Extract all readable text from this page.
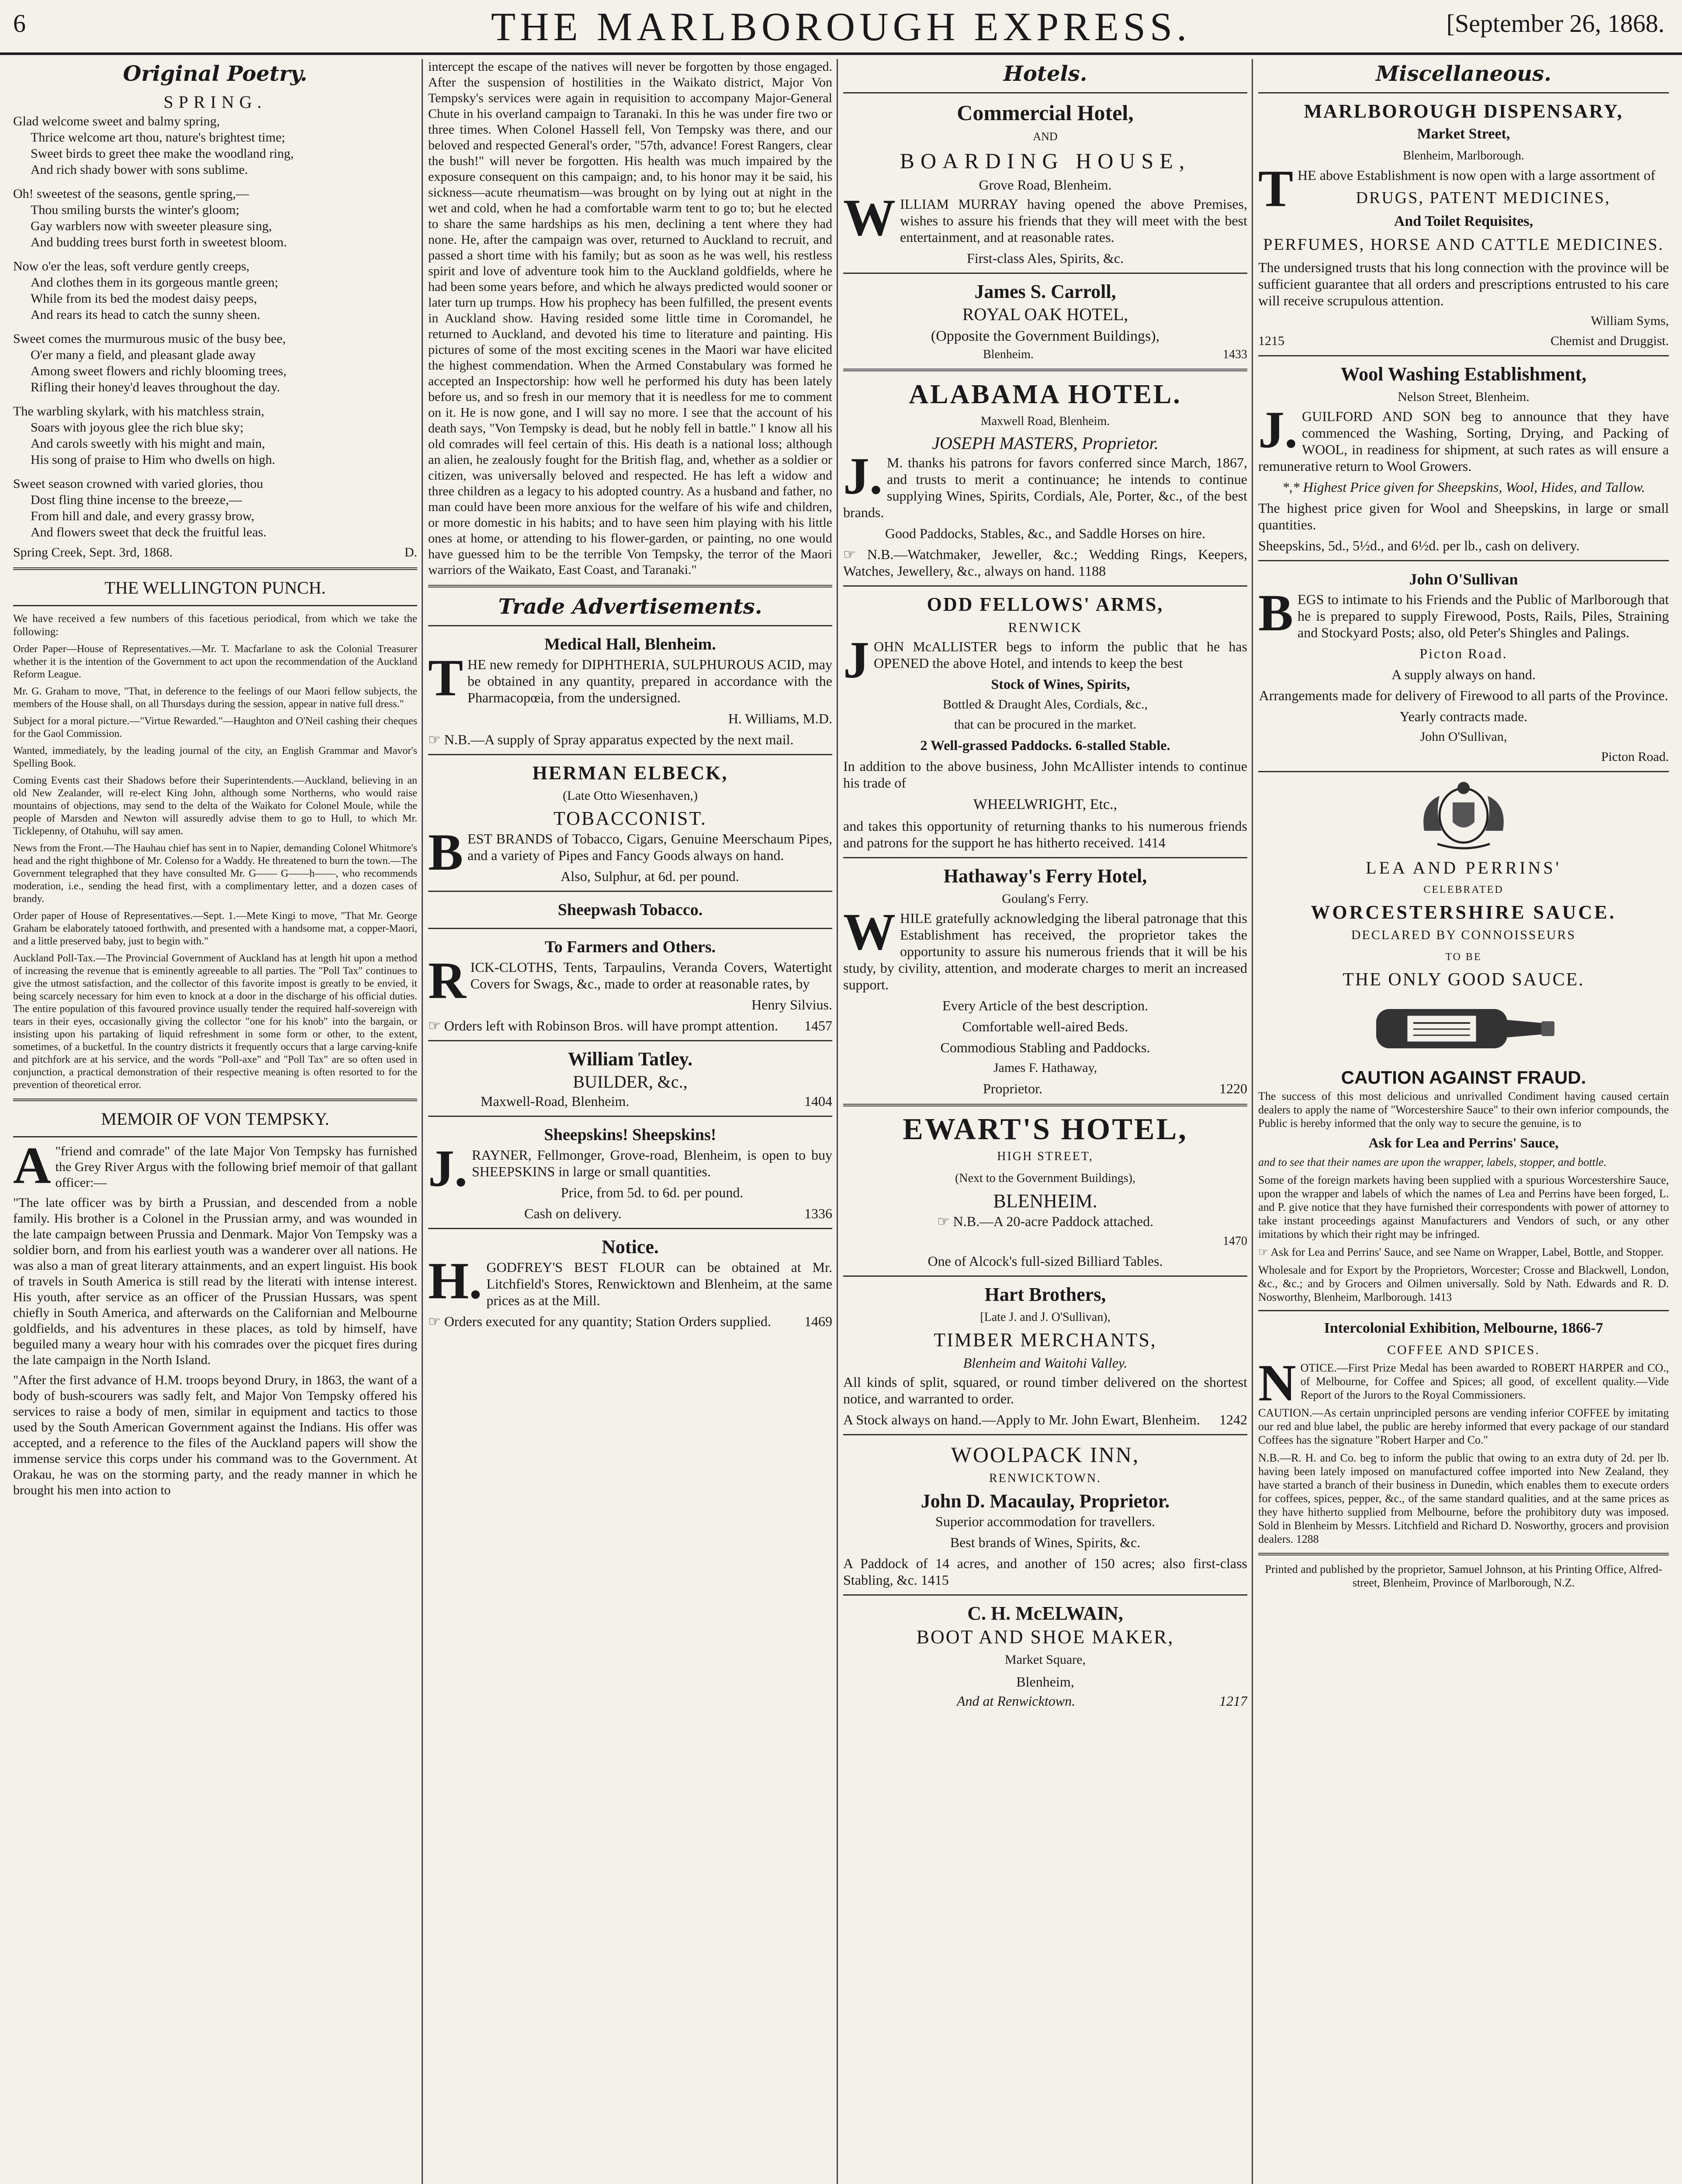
6	THE MARLBOROUGH EXPRESS.	[September 26, 1868.
Original Poetry.
SPRING.

Glad welcome sweet and balmy spring,

Thrice welcome art thou, nature's brightest time;

Sweet birds to greet thee make the woodland ring,

And rich shady bower with sons sublime.

Oh! sweetest of the seasons, gentle spring,—

Thou smiling bursts the winter's gloom;

Gay warblers now with sweeter pleasure sing,

And budding trees burst forth in sweetest bloom.

Now o'er the leas, soft verdure gently creeps,

And clothes them in its gorgeous mantle green;

While from its bed the modest daisy peeps,

And rears its head to catch the sunny sheen.

Sweet comes the murmurous music of the busy bee,

O'er many a field, and pleasant glade away

Among sweet flowers and richly blooming trees,

Rifling their honey'd leaves throughout the day.

The warbling skylark, with his matchless strain,

Soars with joyous glee the rich blue sky;

And carols sweetly with his might and main,

His song of praise to Him who dwells on high.

Sweet season crowned with varied glories, thou

Dost fling thine incense to the breeze,—

From hill and dale, and every grassy brow,

And flowers sweet that deck the fruitful leas.

Spring Creek, Sept. 3rd, 1868.	D.
THE WELLINGTON PUNCH.

We have received a few numbers of this facetious periodical, from which we take the following:

Order Paper—House of Representatives.—Mr. T. Macfarlane to ask the Colonial Treasurer whether it is the intention of the Government to act upon the recommendation of the Auckland Reform League.

Mr. G. Graham to move, "That, in deference to the feelings of our Maori fellow subjects, the members of the House shall, on all Thursdays during the session, appear in native full dress."

Subject for a moral picture.—"Virtue Rewarded."—Haughton and O'Neil cashing their cheques for the Gaol Commission.

Wanted, immediately, by the leading journal of the city, an English Grammar and Mavor's Spelling Book.

Coming Events cast their Shadows before their Superintendents.—Auckland, believing in an old New Zealander, will re-elect King John, although some Northerns, who would raise mountains of objections, may send to the delta of the Waikato for Colonel Moule, while the people of Marsden and Newton will assuredly advise them to go to Hull, to which Mr. Ticklepenny, of Otahuhu, will say amen.

News from the Front.—The Hauhau chief has sent in to Napier, demanding Colonel Whitmore's head and the right thighbone of Mr. Colenso for a Waddy. He threatened to burn the town.—The Government telegraphed that they have consulted Mr. G—— G——h——, who recommends moderation, i.e., sending the head first, with a complimentary letter, and a dozen cases of brandy.

Order paper of House of Representatives.—Sept. 1.—Mete Kingi to move, "That Mr. George Graham be elaborately tatooed forthwith, and presented with a handsome mat, a copper-Maori, and a little preserved baby, just to begin with."

Auckland Poll-Tax.—The Provincial Government of Auckland has at length hit upon a method of increasing the revenue that is eminently agreeable to all parties. The "Poll Tax" continues to give the utmost satisfaction, and the collector of this favorite impost is greatly to be envied, it being scarcely necessary for him even to knock at a door in the discharge of his official duties. The entire population of this favoured province usually tender the required half-sovereign with tears in their eyes, occasionally giving the collector "one for his knob" into the bargain, or insisting upon his partaking of liquid refreshment in some form or other, to the extent, sometimes, of a bucketful. In the country districts it frequently occurs that a large carving-knife and pitchfork are at his service, and the words "Poll-axe" and "Poll Tax" are so often used in conjunction, a practical demonstration of their respective meaning is often resorted to for the prevention of theoretical error.

MEMOIR OF VON TEMPSKY.

A"friend and comrade" of the late Major Von Tempsky has furnished the Grey River Argus with the following brief memoir of that gallant officer:—

"The late officer was by birth a Prussian, and descended from a noble family. His brother is a Colonel in the Prussian army, and was wounded in the late campaign between Prussia and Denmark. Major Von Tempsky was a soldier born, and from his earliest youth was a wanderer over all nations. He was also a man of great literary attainments, and an expert linguist. His book of travels in South America is still read by the literati with intense interest. His youth, after service as an officer of the Prussian Hussars, was spent chiefly in South America, and afterwards on the Californian and Melbourne goldfields, and his adventures in these places, as told by himself, have beguiled many a weary hour with his comrades over the picquet fires during the late campaign in the North Island.

"After the first advance of H.M. troops beyond Drury, in 1863, the want of a body of bush-scourers was sadly felt, and Major Von Tempsky offered his services to raise a body of men, similar in equipment and tactics to those used by the South American Government against the Indians. His offer was accepted, and a reference to the files of the Auckland papers will show the immense service this corps under his command was to the Government. At Orakau, he was on the storming party, and the ready manner in which he brought his men into action to

intercept the escape of the natives will never be forgotten by those engaged. After the suspension of hostilities in the Waikato district, Major Von Tempsky's services were again in requisition to accompany Major-General Chute in his overland campaign to Taranaki. In this he was under fire two or three times. When Colonel Hassell fell, Von Tempsky was there, and our beloved and respected General's order, "57th, advance! Forest Rangers, clear the bush!" will never be forgotten. His health was much impaired by the exposure consequent on this campaign; and, to his honor may it be said, his sickness—acute rheumatism—was brought on by lying out at night in the wet and cold, when he had a comfortable warm tent to go to; but he elected to share the same hardships as his men, declining a tent where they had none. He, after the campaign was over, returned to Auckland to recruit, and passed a short time with his family; but as soon as he was well, his restless spirit and love of adventure took him to the Auckland goldfields, where he had been some years before, and which he always predicted would sooner or later turn up trumps. How his prophecy has been fulfilled, the present events in Auckland show. Having resided some little time in Coromandel, he returned to Auckland, and devoted his time to literature and painting. His pictures of some of the most exciting scenes in the Maori war have elicited the highest commendation. When the Armed Constabulary was formed he accepted an Inspectorship: how well he performed his duty has been lately before us, and so fresh in our memory that it is needless for me to comment on it. He is now gone, and I will say no more. I see that the account of his death says, "Von Tempsky is dead, but he nobly fell in battle." I know all his old comrades will feel certain of this. His death is a national loss; although an alien, he zealously fought for the British flag, and, whether as a soldier or citizen, was universally beloved and respected. He has left a widow and three children as a legacy to his adopted country. As a husband and father, no man could have been more anxious for the welfare of his wife and children, or more domestic in his habits; and to have seen him playing with his little ones at home, or attending to his flower-garden, or painting, no one would have guessed him to be the terrible Von Tempsky, the terror of the Maori warriors of the Waikato, East Coast, and Taranaki."

Trade Advertisements.
Medical Hall, Blenheim.

THE new remedy for DIPHTHERIA, SULPHUROUS ACID, may be obtained in any quantity, prepared in accordance with the Pharmacopœia, from the undersigned.

H. Williams, M.D.

☞ N.B.—A supply of Spray apparatus expected by the next mail.

HERMAN ELBECK,
(Late Otto Wiesenhaven,)
TOBACCONIST.

BEST BRANDS of Tobacco, Cigars, Genuine Meerschaum Pipes, and a variety of Pipes and Fancy Goods always on hand.

Also, Sulphur, at 6d. per pound.

Sheepwash Tobacco.
To Farmers and Others.

RICK-CLOTHS, Tents, Tarpaulins, Veranda Covers, Watertight Covers for Swags, &c., made to order at reasonable rates, by

Henry Silvius.

☞ Orders left with Robinson Bros. will have prompt attention. 1457
William Tatley.
BUILDER, &c.,
Maxwell-Road, Blenheim.	1404
Sheepskins! Sheepskins!

J.RAYNER, Fellmonger, Grove-road, Blenheim, is open to buy SHEEPSKINS in large or small quantities.

Price, from 5d. to 6d. per pound.

Cash on delivery.	1336
Notice.

H.GODFREY'S BEST FLOUR can be obtained at Mr. Litchfield's Stores, Renwicktown and Blenheim, at the same prices as at the Mill.

☞ Orders executed for any quantity; Station Orders supplied. 1469
Hotels.
Commercial Hotel,
AND
BOARDING HOUSE,
Grove Road, Blenheim.

WILLIAM MURRAY having opened the above Premises, wishes to assure his friends that they will meet with the best entertainment, and at reasonable rates.

First-class Ales, Spirits, &c.

James S. Carroll,
ROYAL OAK HOTEL,
(Opposite the Government Buildings),
Blenheim.	1433
ALABAMA HOTEL.
Maxwell Road, Blenheim.
JOSEPH MASTERS, Proprietor.

J.M. thanks his patrons for favors conferred since March, 1867, and trusts to merit a continuance; he intends to continue supplying Wines, Spirits, Cordials, Ale, Porter, &c., of the best brands.

Good Paddocks, Stables, &c., and Saddle Horses on hire.

☞ N.B.—Watchmaker, Jeweller, &c.; Wedding Rings, Keepers, Watches, Jewellery, &c., always on hand. 1188

ODD FELLOWS' ARMS,
RENWICK

JOHN McALLISTER begs to inform the public that he has OPENED the above Hotel, and intends to keep the best

Stock of Wines, Spirits,

Bottled & Draught Ales, Cordials, &c.,

that can be procured in the market.

2 Well-grassed Paddocks. 6-stalled Stable.

In addition to the above business, John McAllister intends to continue his trade of

WHEELWRIGHT, Etc.,

and takes this opportunity of returning thanks to his numerous friends and patrons for the support he has hitherto received. 1414

Hathaway's Ferry Hotel,
Goulang's Ferry.

WHILE gratefully acknowledging the liberal patronage that this Establishment has received, the proprietor takes the opportunity to assure his numerous friends that it will be his study, by civility, attention, and moderate charges to merit an increased support.

Every Article of the best description.

Comfortable well-aired Beds.

Commodious Stabling and Paddocks.

James F. Hathaway,

Proprietor.	1220
EWART'S HOTEL,
HIGH STREET,
(Next to the Government Buildings),
BLENHEIM.

☞ N.B.—A 20-acre Paddock attached.

1470

One of Alcock's full-sized Billiard Tables.

Hart Brothers,
[Late J. and J. O'Sullivan),
TIMBER MERCHANTS,
Blenheim and Waitohi Valley.

All kinds of split, squared, or round timber delivered on the shortest notice, and warranted to order.

A Stock always on hand.—Apply to Mr. John Ewart, Blenheim. 1242
WOOLPACK INN,
RENWICKTOWN.
John D. Macaulay, Proprietor.

Superior accommodation for travellers.

Best brands of Wines, Spirits, &c.

A Paddock of 14 acres, and another of 150 acres; also first-class Stabling, &c. 1415

C. H. McELWAIN,
BOOT AND SHOE MAKER,
Market Square,
Blenheim,
And at Renwicktown.	1217
Miscellaneous.
MARLBOROUGH DISPENSARY,
Market Street,
Blenheim, Marlborough.

THE above Establishment is now open with a large assortment of

DRUGS, PATENT MEDICINES,

And Toilet Requisites,

PERFUMES, HORSE AND CATTLE MEDICINES.

The undersigned trusts that his long connection with the province will be sufficient guarantee that all orders and prescriptions entrusted to his care will receive scrupulous attention.

William Syms,

1215	Chemist and Druggist.
Wool Washing Establishment,
Nelson Street, Blenheim.

J.GUILFORD AND SON beg to announce that they have commenced the Washing, Sorting, Drying, and Packing of WOOL, in readiness for shipment, at such rates as will ensure a remunerative return to Wool Growers.

*,* Highest Price given for Sheepskins, Wool, Hides, and Tallow.

The highest price given for Wool and Sheepskins, in large or small quantities.

Sheepskins, 5d., 5½d., and 6½d. per lb., cash on delivery.

John O'Sullivan

BEGS to intimate to his Friends and the Public of Marlborough that he is prepared to supply Firewood, Posts, Rails, Piles, Straining and Stockyard Posts; also, old Peter's Shingles and Palings.

Picton Road.

A supply always on hand.

Arrangements made for delivery of Firewood to all parts of the Province.

Yearly contracts made.

John O'Sullivan,

Picton Road.

LEA AND PERRINS'
CELEBRATED
WORCESTERSHIRE SAUCE.
DECLARED BY CONNOISSEURS
TO BE
THE ONLY GOOD SAUCE.
CAUTION AGAINST FRAUD.

The success of this most delicious and unrivalled Condiment having caused certain dealers to apply the name of "Worcestershire Sauce" to their own inferior compounds, the Public is hereby informed that the only way to secure the genuine, is to

Ask for Lea and Perrins' Sauce,

and to see that their names are upon the wrapper, labels, stopper, and bottle.

Some of the foreign markets having been supplied with a spurious Worcestershire Sauce, upon the wrapper and labels of which the names of Lea and Perrins have been forged, L. and P. give notice that they have furnished their correspondents with power of attorney to take instant proceedings against Manufacturers and Vendors of such, or any other imitations by which their right may be infringed.

☞ Ask for Lea and Perrins' Sauce, and see Name on Wrapper, Label, Bottle, and Stopper.

Wholesale and for Export by the Proprietors, Worcester; Crosse and Blackwell, London, &c., &c.; and by Grocers and Oilmen universally. Sold by Nath. Edwards and R. D. Nosworthy, Blenheim, Marlborough. 1413

Intercolonial Exhibition, Melbourne, 1866-7
COFFEE AND SPICES.

NOTICE.—First Prize Medal has been awarded to ROBERT HARPER and CO., of Melbourne, for Coffee and Spices; all good, of excellent quality.—Vide Report of the Jurors to the Royal Commissioners.

CAUTION.—As certain unprincipled persons are vending inferior COFFEE by imitating our red and blue label, the public are hereby informed that every package of our standard Coffees has the signature "Robert Harper and Co."

N.B.—R. H. and Co. beg to inform the public that owing to an extra duty of 2d. per lb. having been lately imposed on manufactured coffee imported into New Zealand, they have started a branch of their business in Dunedin, which enables them to execute orders for coffees, spices, pepper, &c., of the same standard qualities, and at the same prices as they have hitherto supplied from Melbourne, before the prohibitory duty was imposed. Sold in Blenheim by Messrs. Litchfield and Richard D. Nosworthy, grocers and provision dealers. 1288

Printed and published by the proprietor, Samuel Johnson, at his Printing Office, Alfred-street, Blenheim, Province of Marlborough, N.Z.
